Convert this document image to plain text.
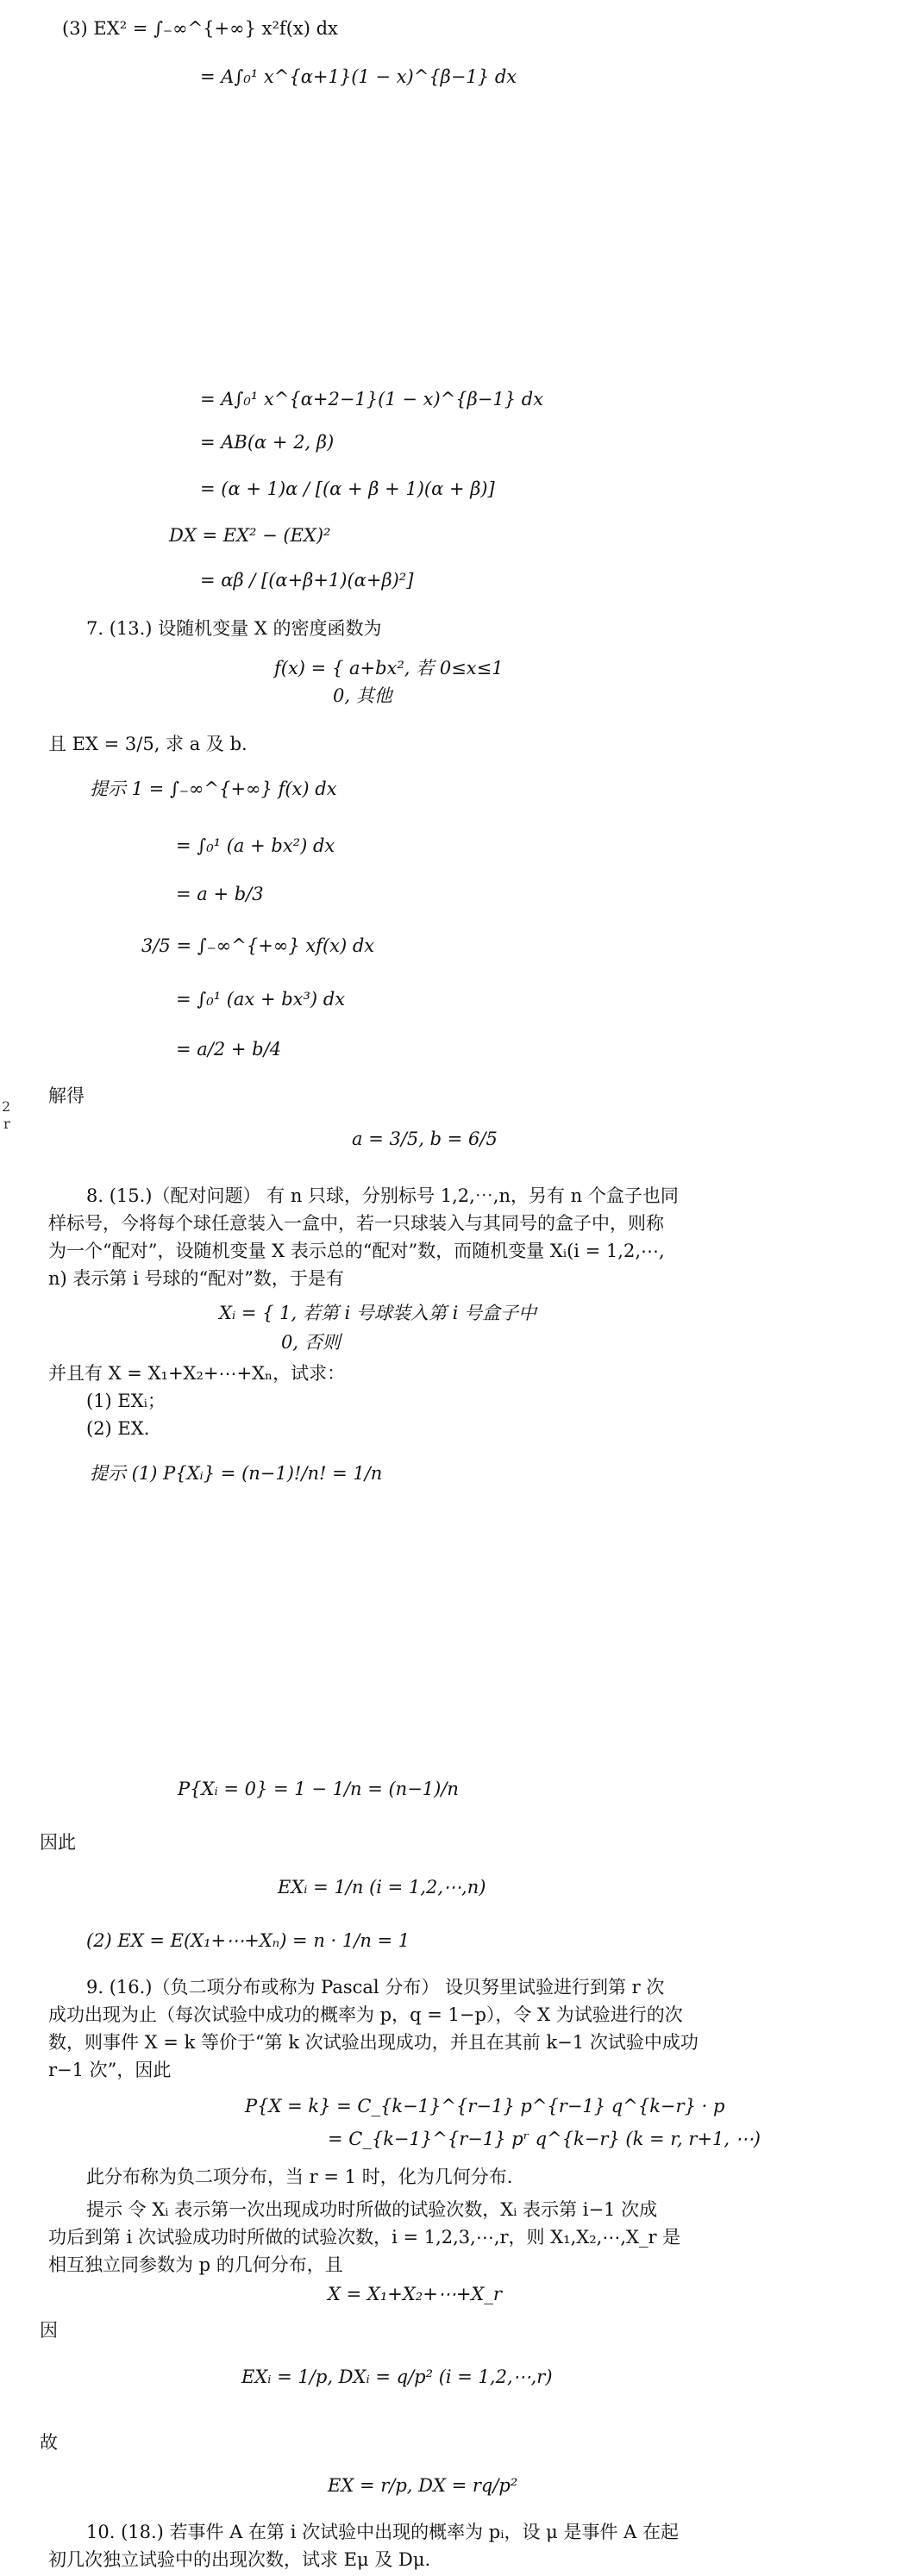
(3) EX² = ∫₋∞^{+∞} x²f(x) dx
= A∫₀¹ x^{α+1}(1 − x)^{β−1} dx
= A∫₀¹ x^{α+2−1}(1 − x)^{β−1} dx
= AB(α + 2, β)
= (α + 1)α / [(α + β + 1)(α + β)]
DX = EX² − (EX)²
= αβ / [(α+β+1)(α+β)²]
7. (13.) 设随机变量 X 的密度函数为
f(x) = { a+bx², 若 0≤x≤1
0, 其他
且 EX = 3/5, 求 a 及 b.
提示 1 = ∫₋∞^{+∞} f(x) dx
= ∫₀¹ (a + bx²) dx
= a + b/3
3/5 = ∫₋∞^{+∞} xf(x) dx
= ∫₀¹ (ax + bx³) dx
= a/2 + b/4
2
r
解得
a = 3/5, b = 6/5
8. (15.)（配对问题） 有 n 只球，分别标号 1,2,⋯,n，另有 n 个盒子也同
样标号，今将每个球任意装入一盒中，若一只球装入与其同号的盒子中，则称
为一个“配对”，设随机变量 X 表示总的“配对”数，而随机变量 Xᵢ(i = 1,2,⋯,
n) 表示第 i 号球的“配对”数，于是有
Xᵢ = { 1, 若第 i 号球装入第 i 号盒子中
0, 否则
并且有 X = X₁+X₂+⋯+Xₙ，试求：
(1) EXᵢ；
(2) EX.
提示 (1) P{Xᵢ} = (n−1)!/n! = 1/n
P{Xᵢ = 0} = 1 − 1/n = (n−1)/n
因此
EXᵢ = 1/n (i = 1,2,⋯,n)
(2) EX = E(X₁+⋯+Xₙ) = n · 1/n = 1
9. (16.)（负二项分布或称为 Pascal 分布） 设贝努里试验进行到第 r 次
成功出现为止（每次试验中成功的概率为 p，q = 1−p），令 X 为试验进行的次
数，则事件 X = k 等价于“第 k 次试验出现成功，并且在其前 k−1 次试验中成功
r−1 次”，因此
P{X = k} = C_{k−1}^{r−1} p^{r−1} q^{k−r} · p
= C_{k−1}^{r−1} pʳ q^{k−r} (k = r, r+1, ⋯)
此分布称为负二项分布，当 r = 1 时，化为几何分布.
提示 令 Xᵢ 表示第一次出现成功时所做的试验次数，Xᵢ 表示第 i−1 次成
功后到第 i 次试验成功时所做的试验次数，i = 1,2,3,⋯,r，则 X₁,X₂,⋯,X_r 是
相互独立同参数为 p 的几何分布，且
X = X₁+X₂+⋯+X_r
因
EXᵢ = 1/p, DXᵢ = q/p² (i = 1,2,⋯,r)
故
EX = r/p, DX = rq/p²
10. (18.) 若事件 A 在第 i 次试验中出现的概率为 pᵢ，设 μ 是事件 A 在起
初几次独立试验中的出现次数，试求 Eμ 及 Dμ.
